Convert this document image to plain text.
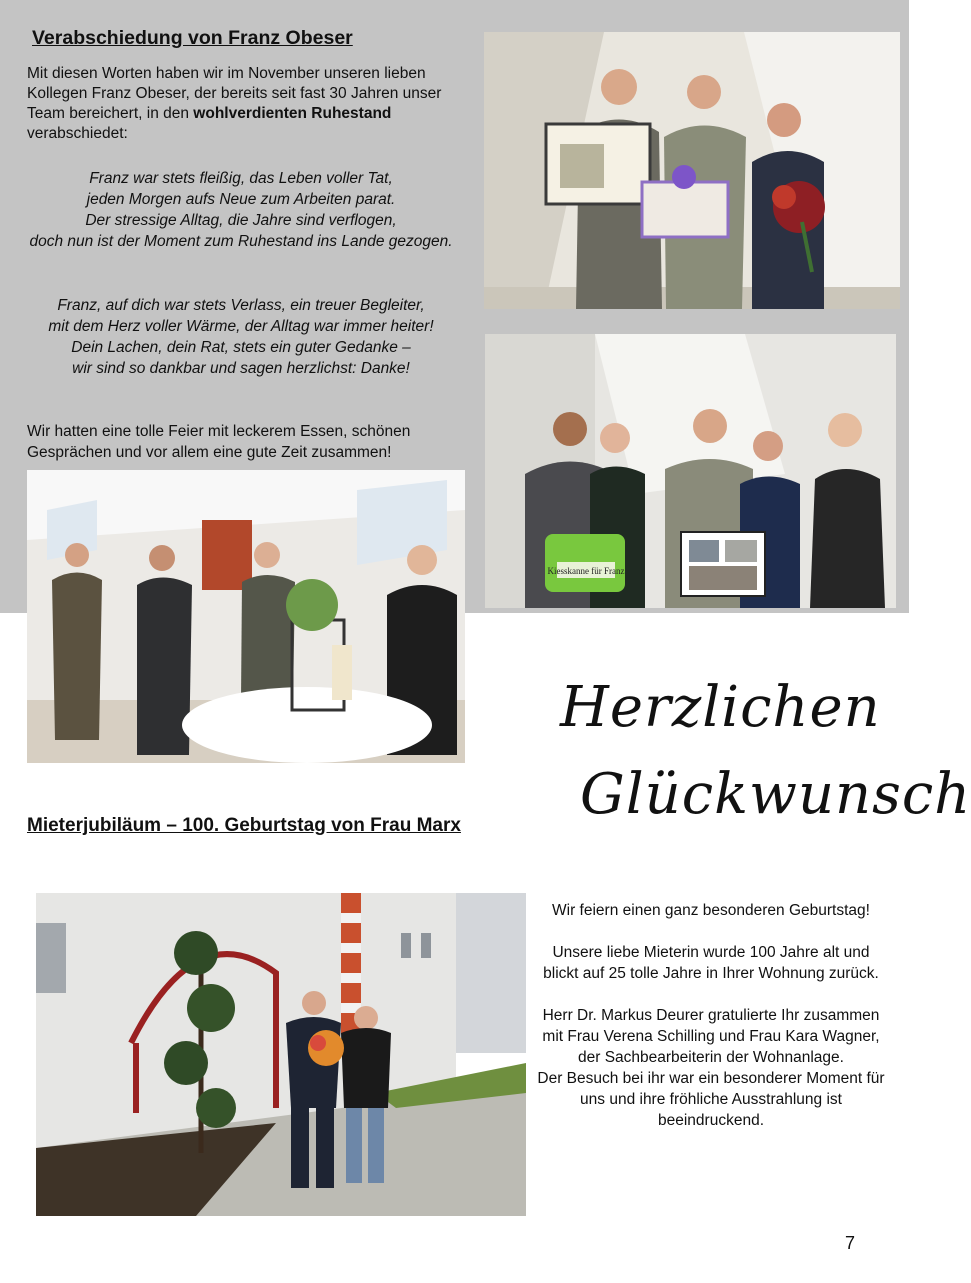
Verabschiedung von Franz Obeser
Mit diesen Worten haben wir im November unseren lieben Kollegen Franz Obeser, der bereits seit fast 30 Jahren unser Team bereichert, in den wohlverdienten Ruhestand verabschiedet:
Franz war stets fleißig, das Leben voller Tat,
jeden Morgen aufs Neue zum Arbeiten parat.
Der stressige Alltag, die Jahre sind verflogen,
doch nun ist der Moment zum Ruhestand ins Lande gezogen.
Franz, auf dich war stets Verlass, ein treuer Begleiter,
mit dem Herz voller Wärme, der Alltag war immer heiter!
Dein Lachen, dein Rat, stets ein guter Gedanke –
wir sind so dankbar und sagen herzlichst: Danke!
Wir hatten eine tolle Feier mit leckerem Essen, schönen Gesprächen und vor allem eine gute Zeit zusammen!
Kiesskanne für Franz
Herzlichen
Glückwunsch
Mieterjubiläum – 100. Geburtstag von Frau Marx

Wir feiern einen ganz besonderen Geburtstag!

Unsere liebe Mieterin wurde 100 Jahre alt und blickt auf 25 tolle Jahre in Ihrer Wohnung zurück.

Herr Dr. Markus Deurer gratulierte Ihr zusammen mit Frau Verena Schilling und Frau Kara Wagner, der Sachbearbeiterin der Wohnanlage.

Der Besuch bei ihr war ein besonderer Moment für uns und ihre fröhliche Ausstrahlung ist beeindruckend.

7
